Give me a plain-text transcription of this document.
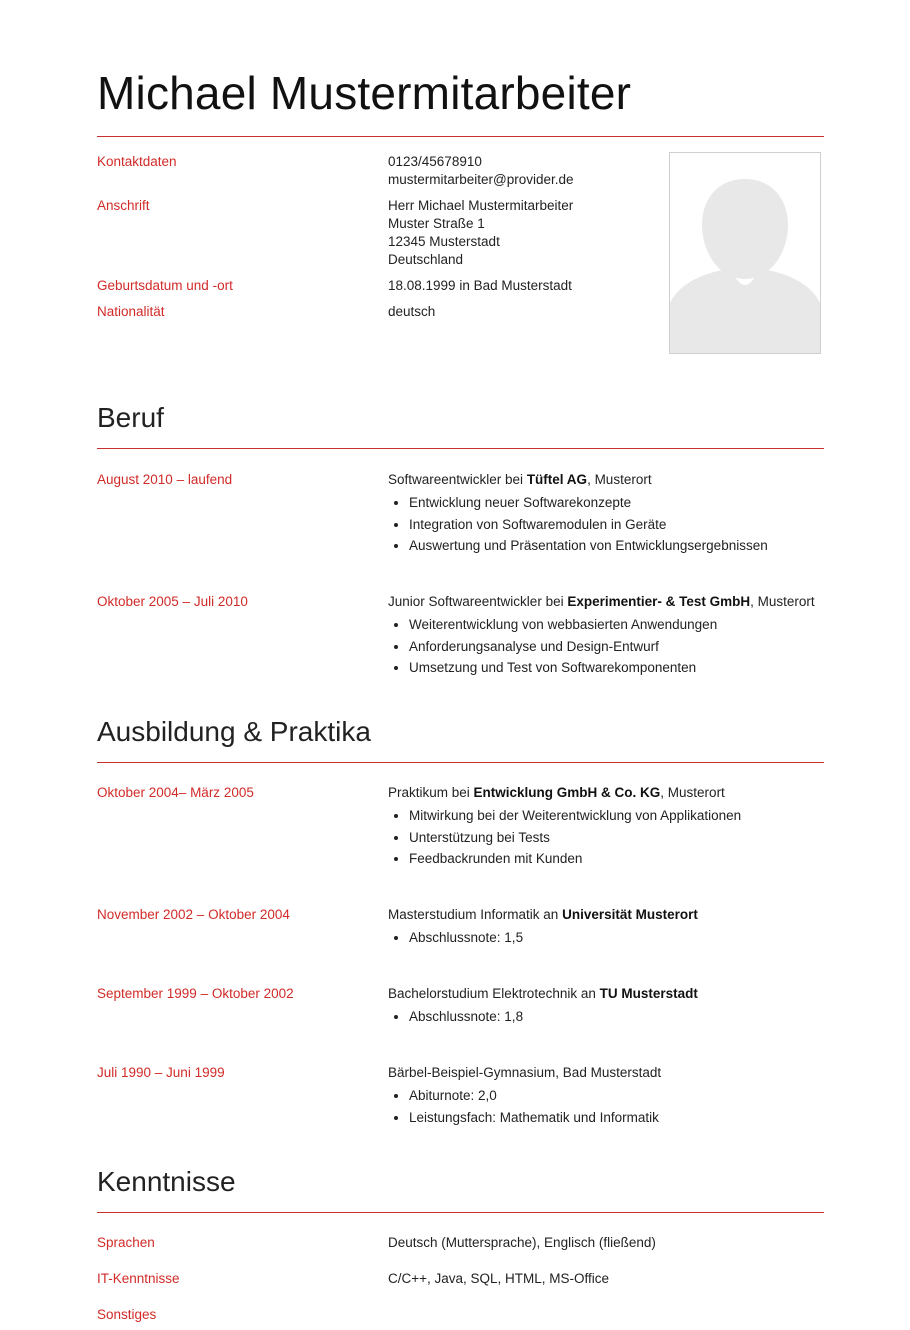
Michael Mustermitarbeiter
Kontaktdaten	0123/45678910
mustermitarbeiter@provider.de
Anschrift	Herr Michael Mustermitarbeiter
Muster Straße 1
12345 Musterstadt
Deutschland
Geburtsdatum und -ort	18.08.1999 in Bad Musterstadt
Nationalität	deutsch
Beruf
August 2010 – laufend	Softwareentwickler bei Tüftel AG, Musterort
• Entwicklung neuer Softwarekonzepte
• Integration von Softwaremodulen in Geräte
• Auswertung und Präsentation von Entwicklungsergebnissen
Oktober 2005 – Juli 2010	Junior Softwareentwickler bei Experimentier- & Test GmbH, Musterort
• Weiterentwicklung von webbasierten Anwendungen
• Anforderungsanalyse und Design-Entwurf
• Umsetzung und Test von Softwarekomponenten
Ausbildung & Praktika
Oktober 2004– März 2005	Praktikum bei Entwicklung GmbH & Co. KG, Musterort
• Mitwirkung bei der Weiterentwicklung von Applikationen
• Unterstützung bei Tests
• Feedbackrunden mit Kunden
November 2002 – Oktober 2004	Masterstudium Informatik an Universität Musterort
• Abschlussnote: 1,5
September 1999 – Oktober 2002	Bachelorstudium Elektrotechnik an TU Musterstadt
• Abschlussnote: 1,8
Juli 1990 – Juni 1999	Bärbel-Beispiel-Gymnasium, Bad Musterstadt
• Abiturnote: 2,0
• Leistungsfach: Mathematik und Informatik
Kenntnisse
Sprachen	Deutsch (Muttersprache), Englisch (fließend)
IT-Kenntnisse	C/C++, Java, SQL, HTML, MS-Office
Sonstiges
